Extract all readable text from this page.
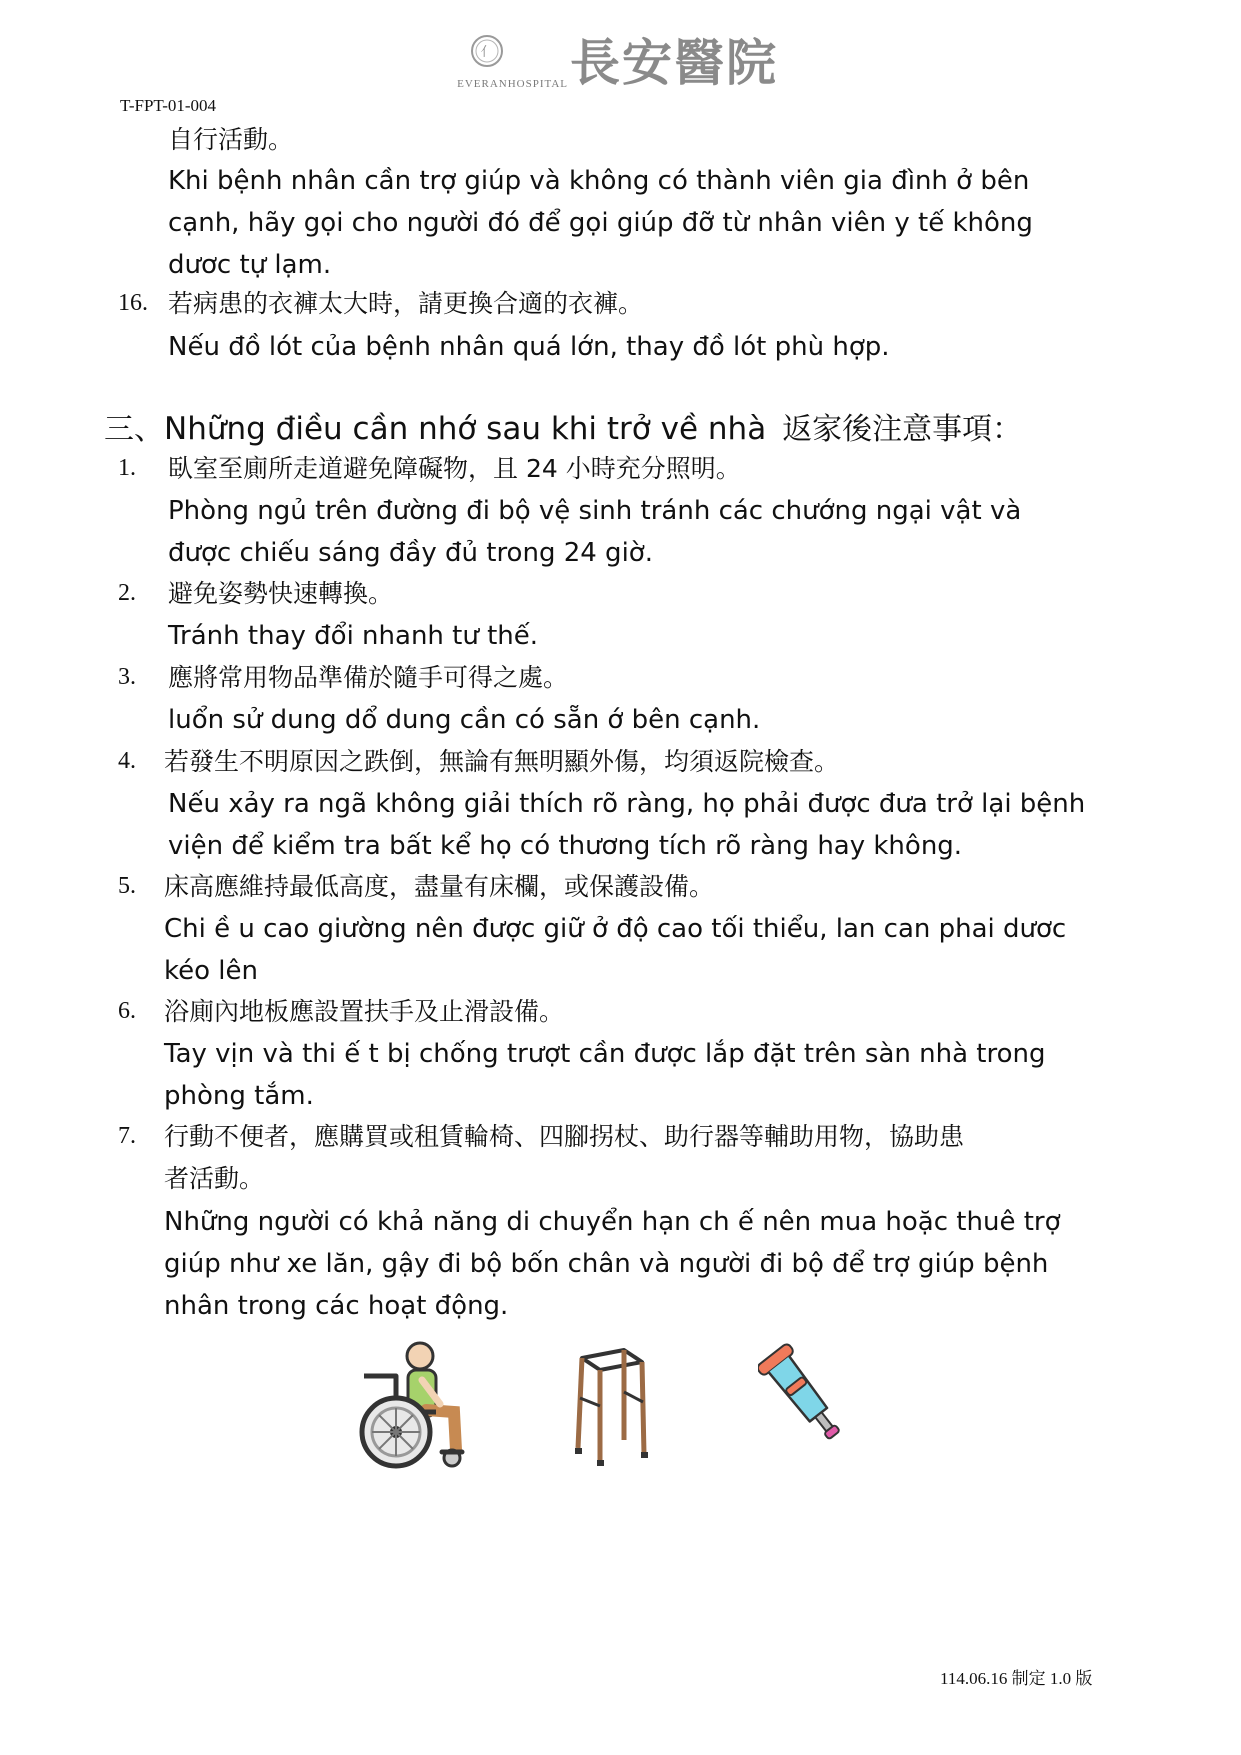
亻
EVERANHOSPITAL 長安醫院
T-FPT-01-004
自行活動。
Khi bệnh nhân cần trợ giúp và không có thành viên gia đình ở bên
cạnh, hãy gọi cho người đó để gọi giúp đỡ từ nhân viên y tế không
dươc tự lạm.
16. 若病患的衣褲太大時，請更換合適的衣褲。
Nếu đồ lót của bệnh nhân quá lớn, thay đồ lót phù hợp.
三、Những điều cần nhớ sau khi trở về nhà 返家後注意事項：
1. 臥室至廁所走道避免障礙物，且 24 小時充分照明。
Phòng ngủ trên đường đi bộ vệ sinh tránh các chướng ngại vật và
được chiếu sáng đầy đủ trong 24 giờ.
2. 避免姿勢快速轉換。
Tránh thay đổi nhanh tư thế.
3. 應將常用物品準備於隨手可得之處。
luổn sử dung dổ dung cần có sẵn ớ bên cạnh.
4. 若發生不明原因之跌倒，無論有無明顯外傷，均須返院檢查。
Nếu xảy ra ngã không giải thích rõ ràng, họ phải được đưa trở lại bệnh
viện để kiểm tra bất kể họ có thương tích rõ ràng hay không.
5. 床高應維持最低高度，盡量有床欄，或保護設備。
Chi ề u cao giường nên được giữ ở độ cao tối thiểu, lan can phai dươc
kéo lên
6. 浴廁內地板應設置扶手及止滑設備。
Tay vịn và thi ế t bị chống trượt cần được lắp đặt trên sàn nhà trong
phòng tắm.
7. 行動不便者，應購買或租賃輪椅、四腳拐杖、助行器等輔助用物，協助患
者活動。
Những người có khả năng di chuyển hạn ch ế nên mua hoặc thuê trợ
giúp như xe lăn, gậy đi bộ bốn chân và người đi bộ để trợ giúp bệnh
nhân trong các hoạt động.
114.06.16 制定 1.0 版
